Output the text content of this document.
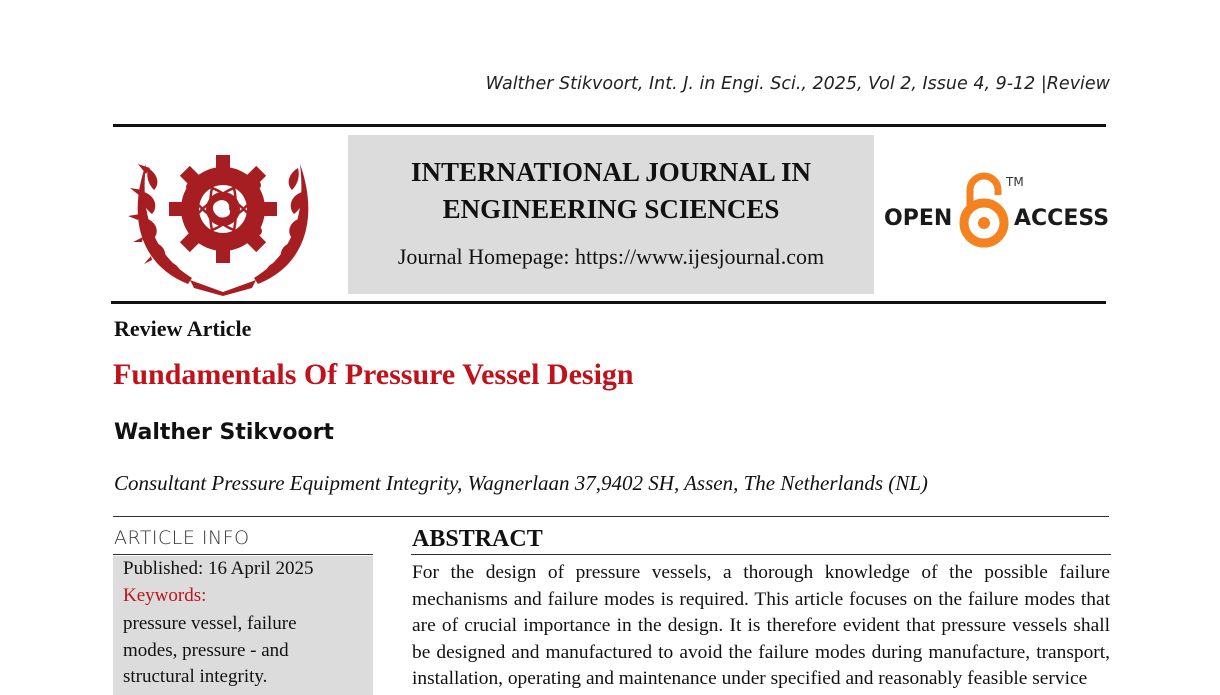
Walther Stikvoort, Int. J. in Engi. Sci., 2025, Vol 2, Issue 4, 9-12 |Review
INTERNATIONAL JOURNAL IN
ENGINEERING SCIENCES
Journal Homepage: https://www.ijesjournal.com
OPEN	ACCESS
TM
Review Article
Fundamentals Of Pressure Vessel Design
Walther Stikvoort
Consultant Pressure Equipment Integrity, Wagnerlaan 37,9402 SH, Assen, The Netherlands (NL)
ARTICLE INFO
Published: 16 April 2025
Keywords:
pressure vessel, failure modes, pressure - and structural integrity.
ABSTRACT
For the design of pressure vessels, a thorough knowledge of the possible failure mechanisms and failure modes is required. This article focuses on the failure modes that are of crucial importance in the design. It is therefore evident that pressure vessels shall be designed and manufactured to avoid the failure modes during manufacture, transport, installation, operating and maintenance under specified and reasonably feasible service
